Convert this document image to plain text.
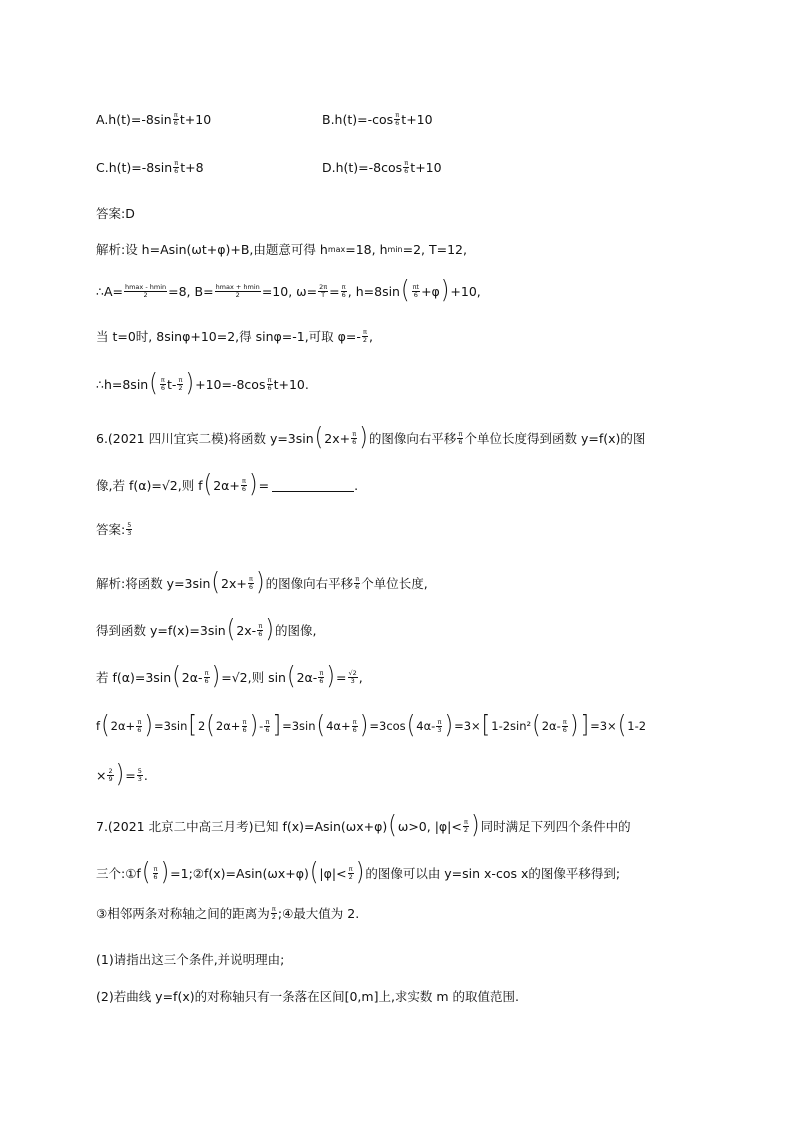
$A.h(t)=-8\sin \frac{\pi}{6} t+10$	$B.h(t)=-\cos \frac{\pi}{6} t+10$
$C.h(t)=-8\sin \frac{\pi}{6} t+8$	$D.h(t)=-8\cos \frac{\pi}{6} t+10$
答案:D
解析:设 h=Asin(ωt+φ)+B,由题意可得 h max =18, h min =2, T=12,
∴A= $\frac{hmax - hmin}{2} =8$, $B= \frac{hmax + hmin}{2} =10$, $\omega= \frac{2\pi}{T} = \frac{\pi}{6}$ , h=8sin ( $\frac{\pi t}{6} +\varphi$ ) +10,
当 t=0时, 8sinφ+10=2,得 sinφ=-1,可取 $\varphi=- \frac{\pi}{2}$ ,
∴h=8sin ( $\frac{\pi}{6} t- \frac{\pi}{2}$ ) $+10=-8\cos \frac{\pi}{6} t+10$.
6.(2021 四川宜宾二模)将函数 y=3sin ( $2x+ \frac{\pi}{6}$ ) 的图像向右平移 $\frac{\pi}{6}$ 个单位长度得到函数 y=f(x)的图
像,若 f(α)=√2,则 f ( $2\alpha+ \frac{\pi}{6}$ ) =	.
答案: $\frac{5}{3}$
解析:将函数 y=3sin ( $2x+ \frac{\pi}{6}$ ) 的图像向右平移 $\frac{\pi}{6}$ 个单位长度,
得到函数 y=f(x)=3sin ( $2x- \frac{\pi}{6}$ ) 的图像,
若 f(α)=3sin ( $2\alpha- \frac{\pi}{6}$ ) =√2,则 sin ( $2\alpha- \frac{\pi}{6}$ ) = $\frac{√2}{3}$ ,
f ( $2\alpha+ \frac{\pi}{6}$ ) =3sin [ 2 ( $2\alpha+ \frac{\pi}{6}$ ) - $\frac{\pi}{6}$ ] =3sin ( $4\alpha+ \frac{\pi}{6}$ ) =3cos ( $4\alpha- \frac{\pi}{3}$ ) =3× [ 1-2sin² ( $2\alpha- \frac{\pi}{6}$ ) ] =3× ( 1-2
× $\frac{2}{9}$ ) = $\frac{5}{3}$ .
7.(2021 北京二中高三月考)已知 f(x)=Asin(ωx+φ) ( ω>0, $|\varphi|< \frac{\pi}{2}$ ) 同时满足下列四个条件中的
三个:①f ( $\frac{\pi}{6}$ ) =1;②f(x)=Asin(ωx+φ) ( $|\varphi|< \frac{\pi}{2}$ ) 的图像可以由 y=sin x-cos x的图像平移得到;
③相邻两条对称轴之间的距离为 $\frac{\pi}{2}$ ;④最大值为 2.
(1)请指出这三个条件,并说明理由;
(2)若曲线 y=f(x)的对称轴只有一条落在区间[0,m]上,求实数 m 的取值范围.
